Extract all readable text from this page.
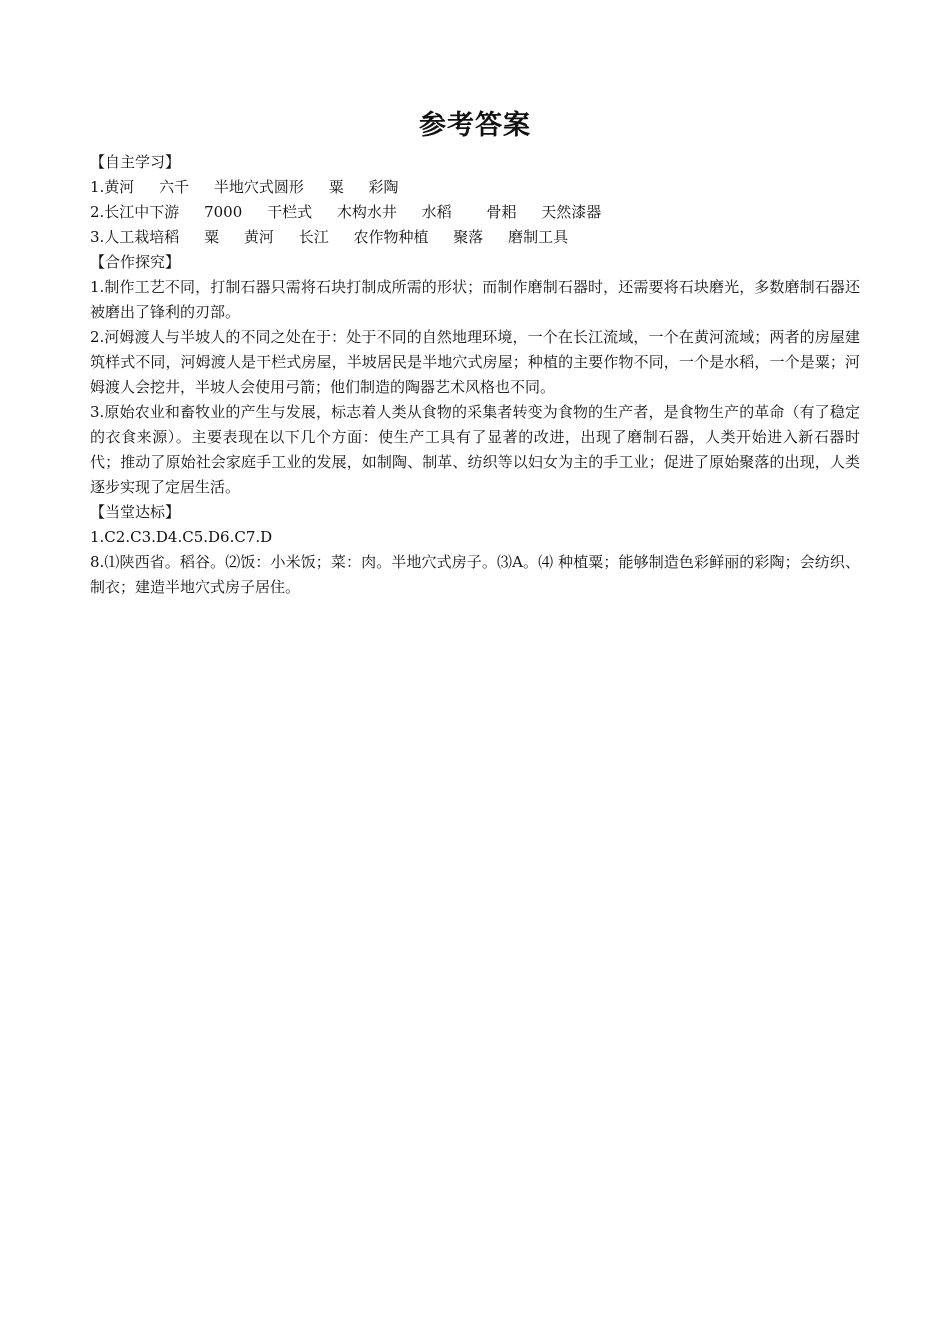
参考答案
【自主学习】
1.黄河 六千 半地穴式圆形 粟 彩陶
2.长江中下游 7000 干栏式 木构水井 水稻 骨耜 天然漆器
3.人工栽培稻 粟 黄河 长江 农作物种植 聚落 磨制工具
【合作探究】
1.制作工艺不同，打制石器只需将石块打制成所需的形状；而制作磨制石器时，还需要将石块磨光，多数磨制石器还被磨出了锋利的刃部。
2.河姆渡人与半坡人的不同之处在于：处于不同的自然地理环境，一个在长江流域，一个在黄河流域；两者的房屋建筑样式不同，河姆渡人是干栏式房屋，半坡居民是半地穴式房屋；种植的主要作物不同，一个是水稻，一个是粟；河姆渡人会挖井，半坡人会使用弓箭；他们制造的陶器艺术风格也不同。
3.原始农业和畜牧业的产生与发展，标志着人类从食物的采集者转变为食物的生产者，是食物生产的革命（有了稳定的衣食来源）。主要表现在以下几个方面：使生产工具有了显著的改进，出现了磨制石器，人类开始进入新石器时代；推动了原始社会家庭手工业的发展，如制陶、制革、纺织等以妇女为主的手工业；促进了原始聚落的出现，人类逐步实现了定居生活。
【当堂达标】
1.C2.C3.D4.C5.D6.C7.D
8.⑴陕西省。稻谷。⑵饭：小米饭；菜：肉。半地穴式房子。⑶A。⑷ 种植粟；能够制造色彩鲜丽的彩陶；会纺织、制衣；建造半地穴式房子居住。
